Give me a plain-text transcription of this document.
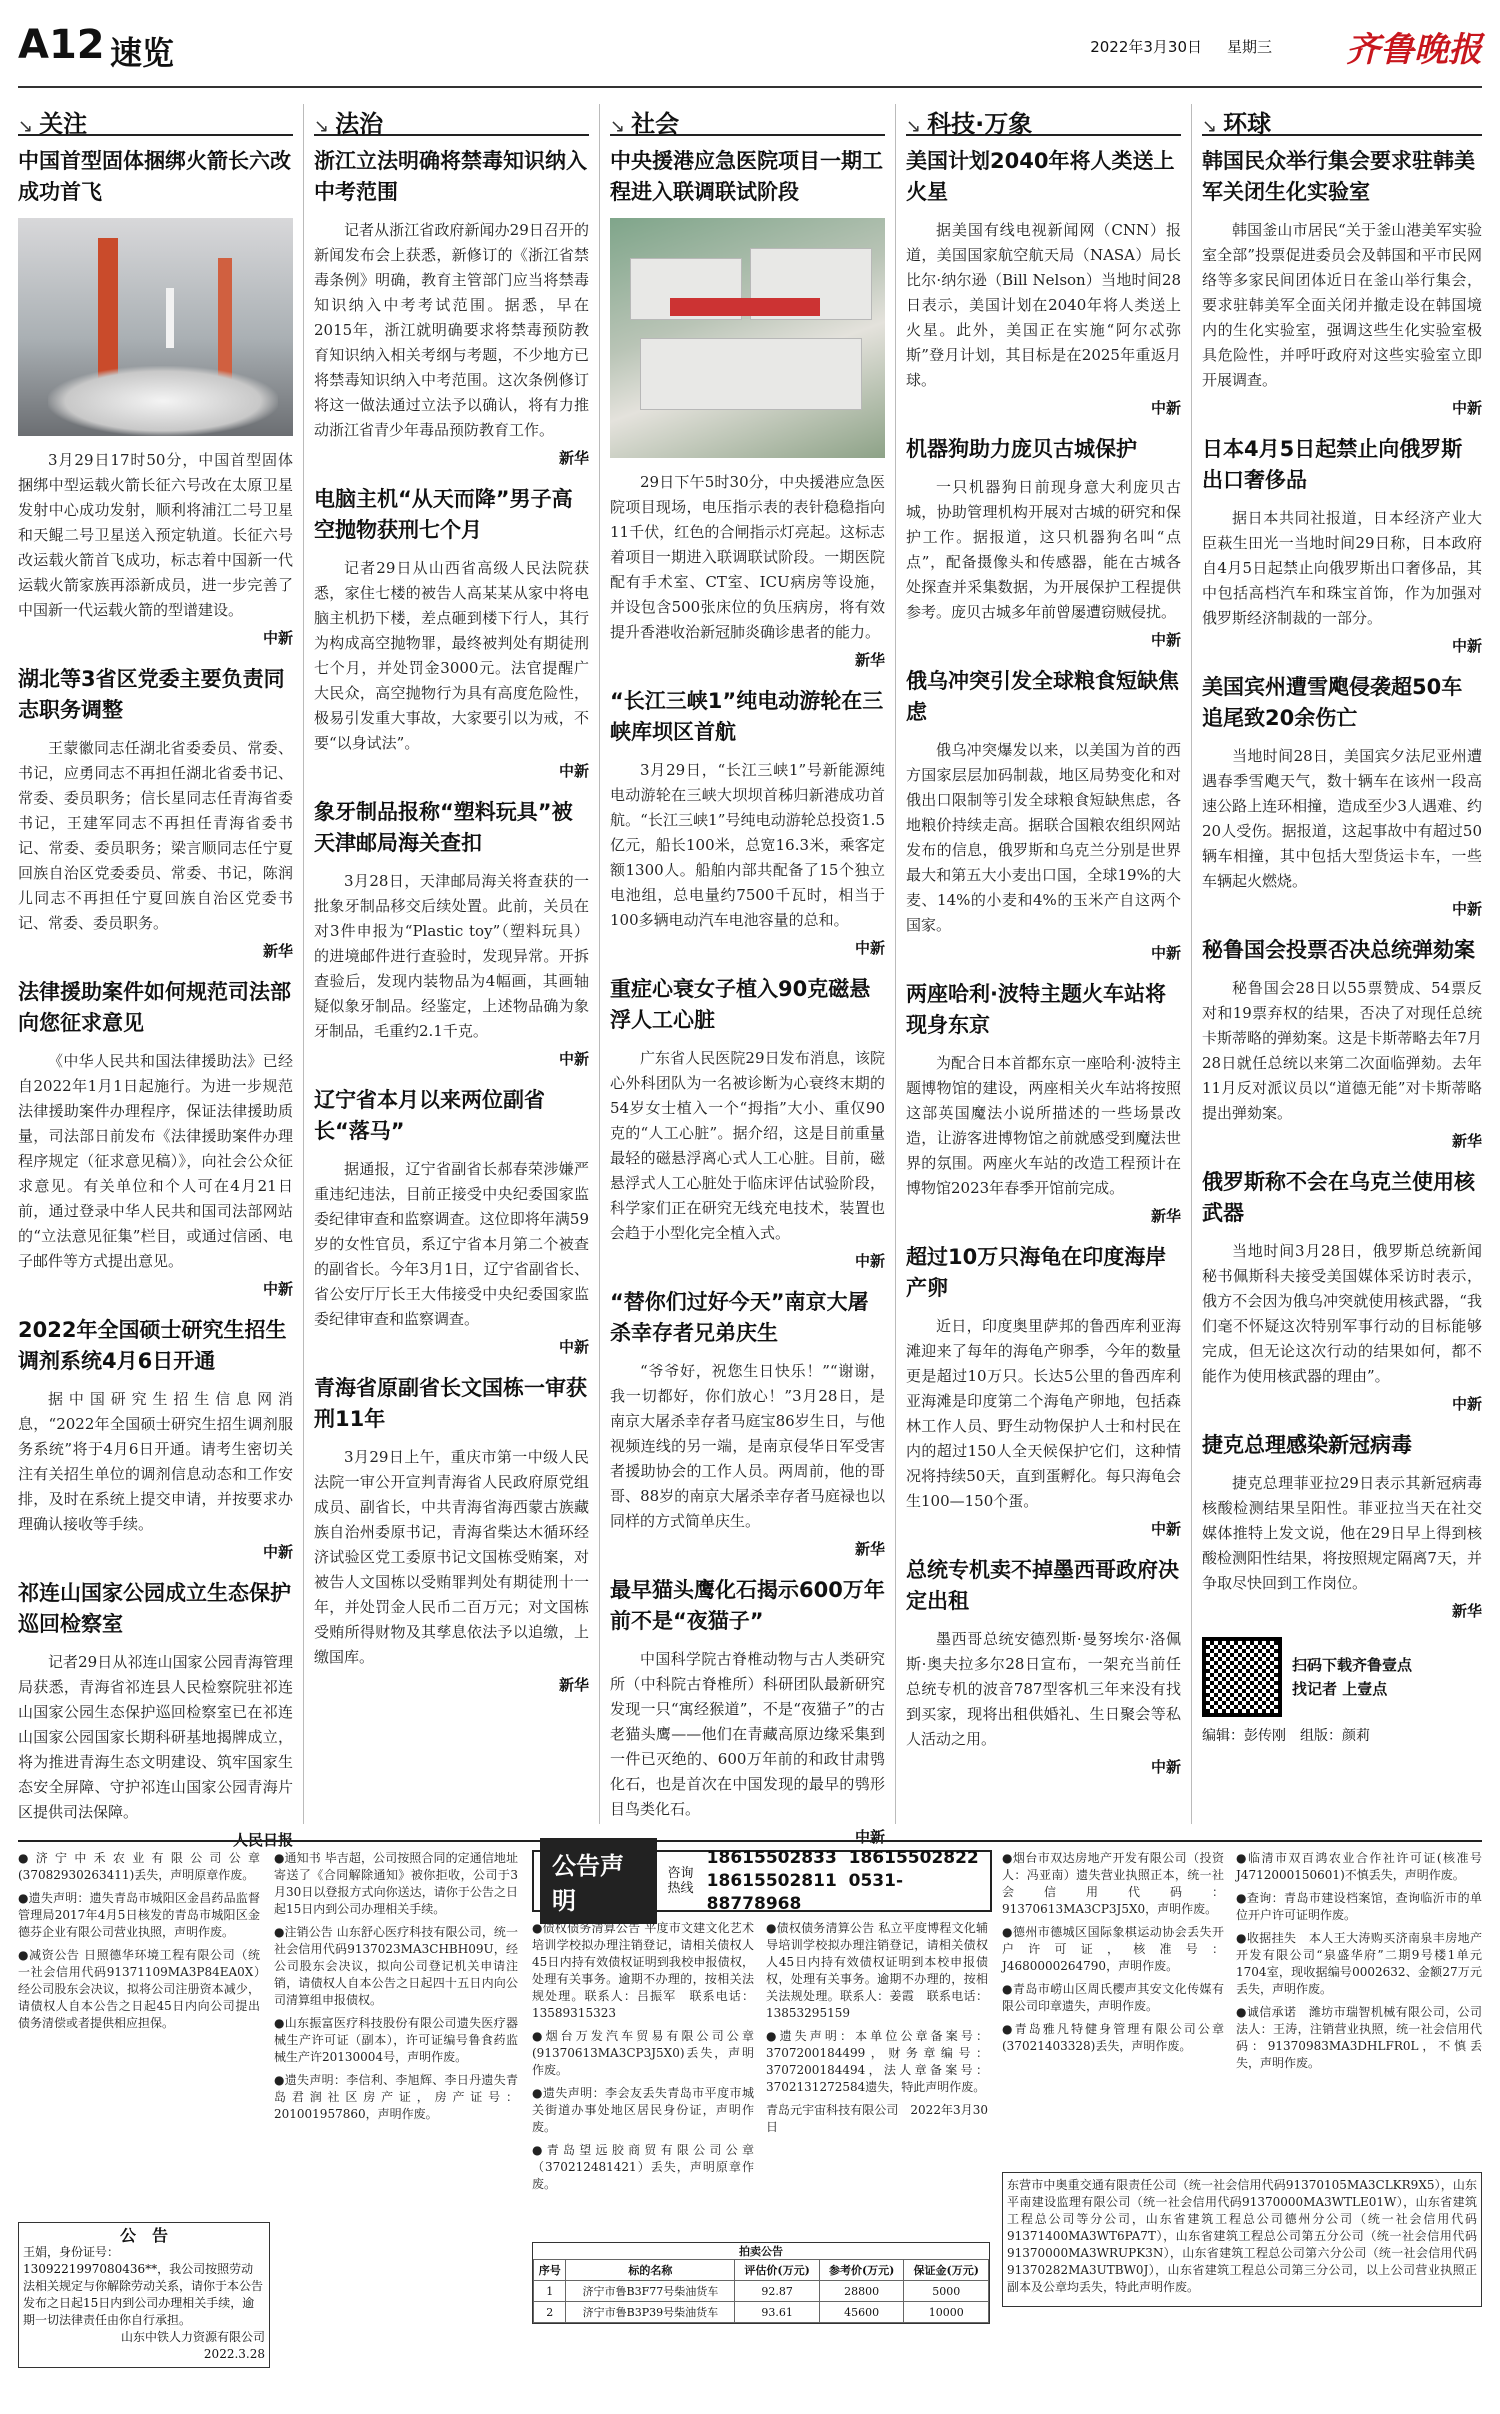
A12 速览	2022年3月30日 星期三 齐鲁晚报
↘ 关注	↘ 法治	↘ 社会	↘ 科技·万象	↘ 环球
中国首型固体捆绑火箭长六改成功首飞

3月29日17时50分，中国首型固体捆绑中型运载火箭长征六号改在太原卫星发射中心成功发射，顺利将浦江二号卫星和天鲲二号卫星送入预定轨道。长征六号改运载火箭首飞成功，标志着中国新一代运载火箭家族再添新成员，进一步完善了中国新一代运载火箭的型谱建设。

中新
湖北等3省区党委主要负责同志职务调整

王蒙徽同志任湖北省委委员、常委、书记，应勇同志不再担任湖北省委书记、常委、委员职务；信长星同志任青海省委书记，王建军同志不再担任青海省委书记、常委、委员职务；梁言顺同志任宁夏回族自治区党委委员、常委、书记，陈润儿同志不再担任宁夏回族自治区党委书记、常委、委员职务。

新华
法律援助案件如何规范司法部向您征求意见

《中华人民共和国法律援助法》已经自2022年1月1日起施行。为进一步规范法律援助案件办理程序，保证法律援助质量，司法部日前发布《法律援助案件办理程序规定（征求意见稿）》，向社会公众征求意见。有关单位和个人可在4月21日前，通过登录中华人民共和国司法部网站的“立法意见征集”栏目，或通过信函、电子邮件等方式提出意见。

中新
2022年全国硕士研究生招生调剂系统4月6日开通

据中国研究生招生信息网消息，“2022年全国硕士研究生招生调剂服务系统”将于4月6日开通。请考生密切关注有关招生单位的调剂信息动态和工作安排，及时在系统上提交申请，并按要求办理确认接收等手续。

中新
祁连山国家公园成立生态保护巡回检察室

记者29日从祁连山国家公园青海管理局获悉，青海省祁连县人民检察院驻祁连山国家公园生态保护巡回检察室已在祁连山国家公园国家长期科研基地揭牌成立，将为推进青海生态文明建设、筑牢国家生态安全屏障、守护祁连山国家公园青海片区提供司法保障。

人民日报
浙江立法明确将禁毒知识纳入中考范围

记者从浙江省政府新闻办29日召开的新闻发布会上获悉，新修订的《浙江省禁毒条例》明确，教育主管部门应当将禁毒知识纳入中考考试范围。据悉，早在2015年，浙江就明确要求将禁毒预防教育知识纳入相关考纲与考题，不少地方已将禁毒知识纳入中考范围。这次条例修订将这一做法通过立法予以确认，将有力推动浙江省青少年毒品预防教育工作。

新华
电脑主机“从天而降”男子高空抛物获刑七个月

记者29日从山西省高级人民法院获悉，家住七楼的被告人高某某从家中将电脑主机扔下楼，差点砸到楼下行人，其行为构成高空抛物罪，最终被判处有期徒刑七个月，并处罚金3000元。法官提醒广大民众，高空抛物行为具有高度危险性，极易引发重大事故，大家要引以为戒，不要“以身试法”。

中新
象牙制品报称“塑料玩具”被天津邮局海关查扣

3月28日，天津邮局海关将查获的一批象牙制品移交后续处置。此前，关员在对3件申报为“Plastic toy”（塑料玩具）的进境邮件进行查验时，发现异常。开拆查验后，发现内装物品为4幅画，其画轴疑似象牙制品。经鉴定，上述物品确为象牙制品，毛重约2.1千克。

中新
辽宁省本月以来两位副省长“落马”

据通报，辽宁省副省长郝春荣涉嫌严重违纪违法，目前正接受中央纪委国家监委纪律审查和监察调查。这位即将年满59岁的女性官员，系辽宁省本月第二个被查的副省长。今年3月1日，辽宁省副省长、省公安厅厅长王大伟接受中央纪委国家监委纪律审查和监察调查。

中新
青海省原副省长文国栋一审获刑11年

3月29日上午，重庆市第一中级人民法院一审公开宣判青海省人民政府原党组成员、副省长，中共青海省海西蒙古族藏族自治州委原书记，青海省柴达木循环经济试验区党工委原书记文国栋受贿案，对被告人文国栋以受贿罪判处有期徒刑十一年，并处罚金人民币二百万元；对文国栋受贿所得财物及其孳息依法予以追缴，上缴国库。

新华
中央援港应急医院项目一期工程进入联调联试阶段

29日下午5时30分，中央援港应急医院项目现场，电压指示表的表针稳稳指向11千伏，红色的合闸指示灯亮起。这标志着项目一期进入联调联试阶段。一期医院配有手术室、CT室、ICU病房等设施，并设包含500张床位的负压病房，将有效提升香港收治新冠肺炎确诊患者的能力。

新华
“长江三峡1”纯电动游轮在三峡库坝区首航

3月29日，“长江三峡1”号新能源纯电动游轮在三峡大坝坝首秭归新港成功首航。“长江三峡1”号纯电动游轮总投资1.5亿元，船长100米，总宽16.3米，乘客定额1300人。船舶内部共配备了15个独立电池组，总电量约7500千瓦时，相当于100多辆电动汽车电池容量的总和。

中新
重症心衰女子植入90克磁悬浮人工心脏

广东省人民医院29日发布消息，该院心外科团队为一名被诊断为心衰终末期的54岁女士植入一个“拇指”大小、重仅90克的“人工心脏”。据介绍，这是目前重量最轻的磁悬浮离心式人工心脏。目前，磁悬浮式人工心脏处于临床评估试验阶段，科学家们正在研究无线充电技术，装置也会趋于小型化完全植入式。

中新
“替你们过好今天”南京大屠杀幸存者兄弟庆生

“爷爷好，祝您生日快乐！”“谢谢，我一切都好，你们放心！”3月28日，是南京大屠杀幸存者马庭宝86岁生日，与他视频连线的另一端，是南京侵华日军受害者援助协会的工作人员。两周前，他的哥哥、88岁的南京大屠杀幸存者马庭禄也以同样的方式简单庆生。

新华
最早猫头鹰化石揭示600万年前不是“夜猫子”

中国科学院古脊椎动物与古人类研究所（中科院古脊椎所）科研团队最新研究发现一只“寓经猴道”，不是“夜猫子”的古老猫头鹰——他们在青藏高原边缘采集到一件已灭绝的、600万年前的和政甘肃鸮化石，也是首次在中国发现的最早的鸮形目鸟类化石。

中新
美国计划2040年将人类送上火星

据美国有线电视新闻网（CNN）报道，美国国家航空航天局（NASA）局长比尔·纳尔逊（Bill Nelson）当地时间28日表示，美国计划在2040年将人类送上火星。此外，美国正在实施“阿尔忒弥斯”登月计划，其目标是在2025年重返月球。

中新
机器狗助力庞贝古城保护

一只机器狗日前现身意大利庞贝古城，协助管理机构开展对古城的研究和保护工作。据报道，这只机器狗名叫“点点”，配备摄像头和传感器，能在古城各处探查并采集数据，为开展保护工程提供参考。庞贝古城多年前曾屡遭窃贼侵扰。

中新
俄乌冲突引发全球粮食短缺焦虑

俄乌冲突爆发以来，以美国为首的西方国家层层加码制裁，地区局势变化和对俄出口限制等引发全球粮食短缺焦虑，各地粮价持续走高。据联合国粮农组织网站发布的信息，俄罗斯和乌克兰分别是世界最大和第五大小麦出口国，全球19%的大麦、14%的小麦和4%的玉米产自这两个国家。

中新
两座哈利·波特主题火车站将现身东京

为配合日本首都东京一座哈利·波特主题博物馆的建设，两座相关火车站将按照这部英国魔法小说所描述的一些场景改造，让游客进博物馆之前就感受到魔法世界的氛围。两座火车站的改造工程预计在博物馆2023年春季开馆前完成。

新华
超过10万只海龟在印度海岸产卵

近日，印度奥里萨邦的鲁西库利亚海滩迎来了每年的海龟产卵季，今年的数量更是超过10万只。长达5公里的鲁西库利亚海滩是印度第二个海龟产卵地，包括森林工作人员、野生动物保护人士和村民在内的超过150人全天候保护它们，这种情况将持续50天，直到蛋孵化。每只海龟会生100—150个蛋。

中新
总统专机卖不掉墨西哥政府决定出租

墨西哥总统安德烈斯·曼努埃尔·洛佩斯·奥夫拉多尔28日宣布，一架充当前任总统专机的波音787型客机三年来没有找到买家，现将出租供婚礼、生日聚会等私人活动之用。

中新
韩国民众举行集会要求驻韩美军关闭生化实验室

韩国釜山市居民“关于釜山港美军实验室全部”投票促进委员会及韩国和平市民网络等多家民间团体近日在釜山举行集会，要求驻韩美军全面关闭并撤走设在韩国境内的生化实验室，强调这些生化实验室极具危险性，并呼吁政府对这些实验室立即开展调查。

中新
日本4月5日起禁止向俄罗斯出口奢侈品

据日本共同社报道，日本经济产业大臣萩生田光一当地时间29日称，日本政府自4月5日起禁止向俄罗斯出口奢侈品，其中包括高档汽车和珠宝首饰，作为加强对俄罗斯经济制裁的一部分。

中新
美国宾州遭雪飑侵袭超50车追尾致20余伤亡

当地时间28日，美国宾夕法尼亚州遭遇春季雪飑天气，数十辆车在该州一段高速公路上连环相撞，造成至少3人遇难、约20人受伤。据报道，这起事故中有超过50辆车相撞，其中包括大型货运卡车，一些车辆起火燃烧。

中新
秘鲁国会投票否决总统弹劾案

秘鲁国会28日以55票赞成、54票反对和19票弃权的结果，否决了对现任总统卡斯蒂略的弹劾案。这是卡斯蒂略去年7月28日就任总统以来第二次面临弹劾。去年11月反对派议员以“道德无能”对卡斯蒂略提出弹劾案。

新华
俄罗斯称不会在乌克兰使用核武器

当地时间3月28日，俄罗斯总统新闻秘书佩斯科夫接受美国媒体采访时表示，俄方不会因为俄乌冲突就使用核武器，“我们毫不怀疑这次特别军事行动的目标能够完成，但无论这次行动的结果如何，都不能作为使用核武器的理由”。

中新
捷克总理感染新冠病毒

捷克总理菲亚拉29日表示其新冠病毒核酸检测结果呈阳性。菲亚拉当天在社交媒体推特上发文说，他在29日早上得到核酸检测阳性结果，将按照规定隔离7天，并争取尽快回到工作岗位。

新华
扫码下载齐鲁壹点
找记者 上壹点
编辑：彭传刚　组版：颜莉

●济宁中禾农业有限公司公章(37082930263411)丢失，声明原章作废。

●遗失声明：遗失青岛市城阳区金昌药品监督管理局2017年4月5日核发的青岛市城阳区金德芬企业有限公司营业执照，声明作废。

●减资公告 日照德华环境工程有限公司（统一社会信用代码91371109MA3P84EA0X）经公司股东会决议，拟将公司注册资本减少，请债权人自本公告之日起45日内向公司提出债务清偿或者提供相应担保。

公　告
王娟，身份证号：1309221997080436**，我公司按照劳动法相关规定与你解除劳动关系，请你于本公告发布之日起15日内到公司办理相关手续，逾期一切法律责任由你自行承担。
山东中铁人力资源有限公司
2022.3.28

●通知书 毕吉超，公司按照合同的定通信地址寄送了《合同解除通知》被你拒收，公司于3月30日以登报方式向你送达，请你于公告之日起15日内到公司办理相关手续。

●注销公告 山东舒心医疗科技有限公司，统一社会信用代码9137023MA3CHBH09U，经公司股东会决议，拟向公司登记机关申请注销，请债权人自本公告之日起四十五日内向公司清算组申报债权。

●山东振富医疗科技股份有限公司遗失医疗器械生产许可证（副本），许可证编号鲁食药监械生产许20130004号，声明作废。

●遗失声明：李信利、李旭辉、李日丹遗失青岛君润社区房产证，房产证号：201001957860，声明作废。

公告声明
咨询热线
18615502833 18615502822
18615502811 0531-88778968

●债权债务清算公告 平度市文建文化艺术培训学校拟办理注销登记，请相关债权人45日内持有效债权证明到我校申报债权，处理有关事务。逾期不办理的，按相关法规处理。联系人：吕振军　联系电话：13589315323

●烟台万发汽车贸易有限公司公章(91370613MA3CP3J5X0)丢失，声明作废。

●遗失声明：李会友丢失青岛市平度市城关街道办事处地区居民身份证，声明作废。

●青岛望远胶商贸有限公司公章（370212481421）丢失，声明原章作废。

●债权债务清算公告 私立平度博程文化辅导培训学校拟办理注销登记，请相关债权人45日内持有效债权证明到本校申报债权，处理有关事务。逾期不办理的，按相关法规处理。联系人：姜霞　联系电话：13853295159

●遗失声明：本单位公章备案号：3707200184499，财务章编号：3707200184494，法人章备案号：3702131272584遗失，特此声明作废。

青岛元宇宙科技有限公司　2022年3月30日

拍卖公告
序号	标的名称	评估价(万元)	参考价(万元)	保证金(万元)
1	济宁市鲁B3F77号柴油货车	92.87	28800	5000
2	济宁市鲁B3P39号柴油货车	93.61	45600	10000

●烟台市双达房地产开发有限公司（投资人：冯亚南）遗失营业执照正本，统一社会信用代码：91370613MA3CP3J5X0，声明作废。

●德州市德城区国际象棋运动协会丢失开户许可证，核准号：J4680000264790，声明作废。

●青岛市崂山区周氏樱声其安文化传媒有限公司印章遗失，声明作废。

●青岛雅凡特健身管理有限公司公章(37021403328)丢失，声明作废。

●临清市双百鸿农业合作社许可证(核准号J4712000150601)不慎丢失，声明作废。

●查询：青岛市建设档案馆，查询临沂市的单位开户许可证明作废。

●收据挂失　本人王大涛购买济南泉丰房地产开发有限公司“泉盛华府”二期9号楼1单元1704室，现收据编号0002632、金额27万元丢失，声明作废。

●诚信承诺　潍坊市瑞智机械有限公司，公司法人：王涛，注销营业执照，统一社会信用代码：91370983MA3DHLFR0L，不慎丢失，声明作废。

东营市中奥重交通有限责任公司（统一社会信用代码91370105MA3CLKR9X5），山东平南建设监理有限公司（统一社会信用代码91370000MA3WTLE01W），山东省建筑工程总公司等分公司，山东省建筑工程总公司德州分公司（统一社会信用代码91371400MA3WT6PA7T），山东省建筑工程总公司第五分公司（统一社会信用代码91370000MA3WRUPK3N），山东省建筑工程总公司第六分公司（统一社会信用代码91370282MA3UTBW0J），山东省建筑工程总公司第三分公司，以上公司营业执照正副本及公章均丢失，特此声明作废。
